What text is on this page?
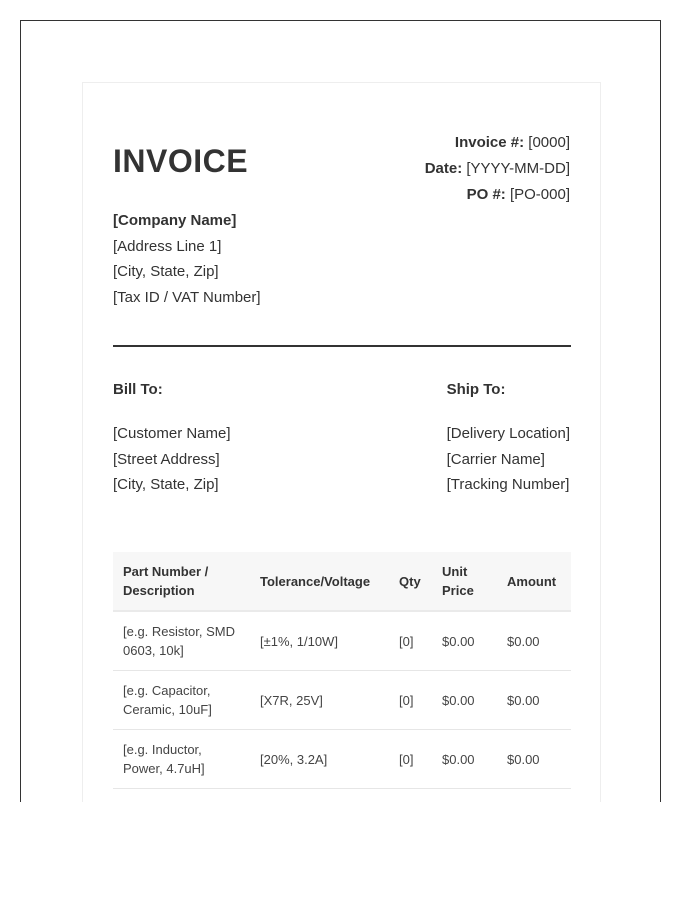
INVOICE
Invoice #: [0000]
Date: [YYYY-MM-DD]
PO #: [PO-000]
[Company Name]
[Address Line 1]
[City, State, Zip]
[Tax ID / VAT Number]
Bill To:
[Customer Name]
[Street Address]
[City, State, Zip]
Ship To:
[Delivery Location]
[Carrier Name]
[Tracking Number]
Part Number /
Description	Tolerance/Voltage	Qty	Unit
Price	Amount
[e.g. Resistor, SMD
0603, 10k]	[±1%, 1/10W]	[0]	$0.00	$0.00
[e.g. Capacitor,
Ceramic, 10uF]	[X7R, 25V]	[0]	$0.00	$0.00
[e.g. Inductor,
Power, 4.7uH]	[20%, 3.2A]	[0]	$0.00	$0.00
